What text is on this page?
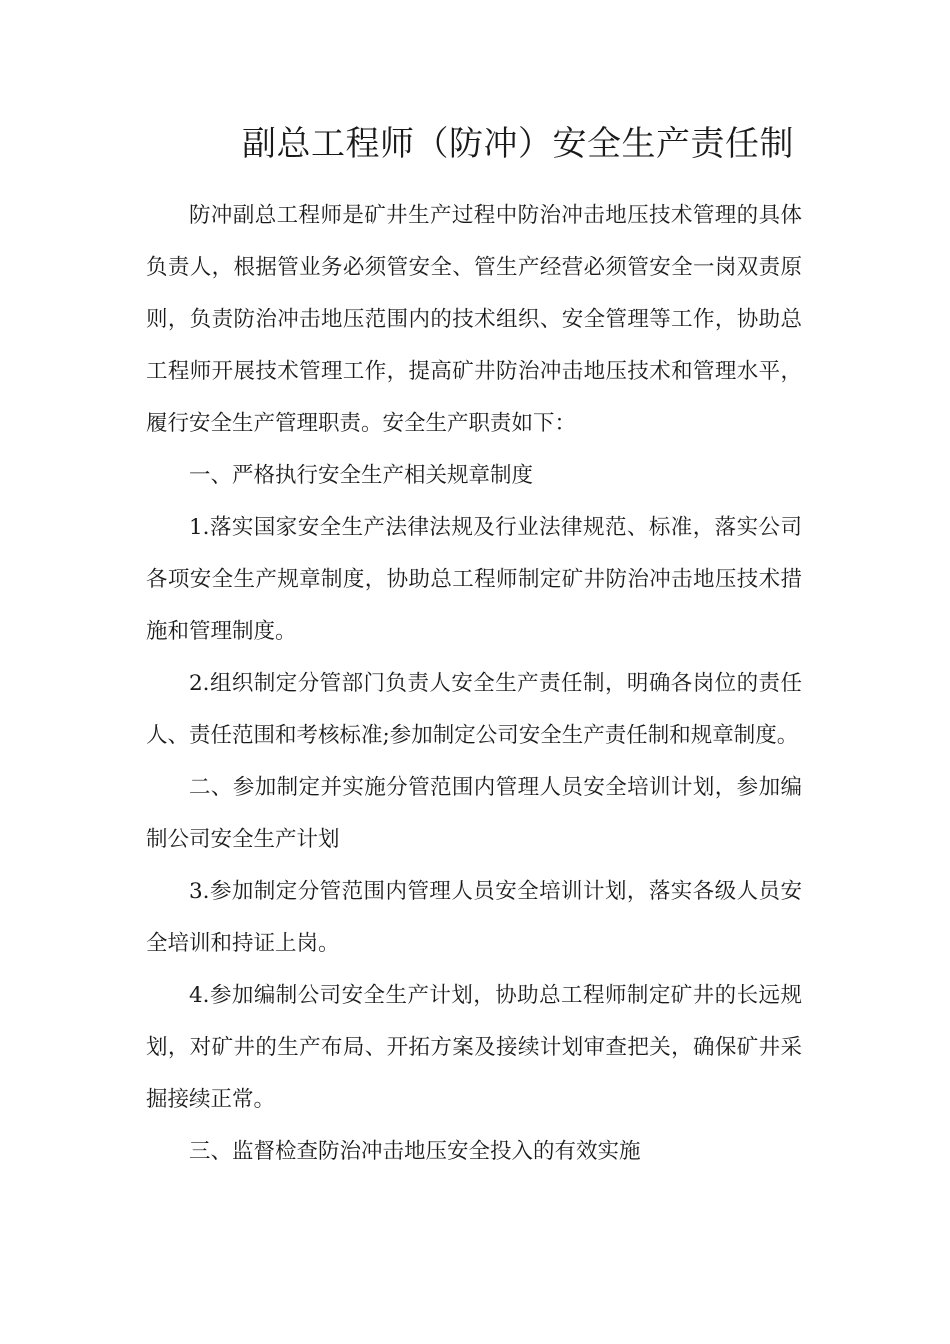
副总工程师（防冲）安全生产责任制

防冲副总工程师是矿井生产过程中防治冲击地压技术管理的具体负责人，根据管业务必须管安全、管生产经营必须管安全一岗双责原则，负责防治冲击地压范围内的技术组织、安全管理等工作，协助总工程师开展技术管理工作，提高矿井防治冲击地压技术和管理水平，履行安全生产管理职责。安全生产职责如下：

一、严格执行安全生产相关规章制度

1.落实国家安全生产法律法规及行业法律规范、标准，落实公司各项安全生产规章制度，协助总工程师制定矿井防治冲击地压技术措施和管理制度。

2.组织制定分管部门负责人安全生产责任制，明确各岗位的责任人、责任范围和考核标准;参加制定公司安全生产责任制和规章制度。

二、参加制定并实施分管范围内管理人员安全培训计划，参加编制公司安全生产计划

3.参加制定分管范围内管理人员安全培训计划，落实各级人员安全培训和持证上岗。

4.参加编制公司安全生产计划，协助总工程师制定矿井的长远规划，对矿井的生产布局、开拓方案及接续计划审查把关，确保矿井采掘接续正常。

三、监督检查防治冲击地压安全投入的有效实施
